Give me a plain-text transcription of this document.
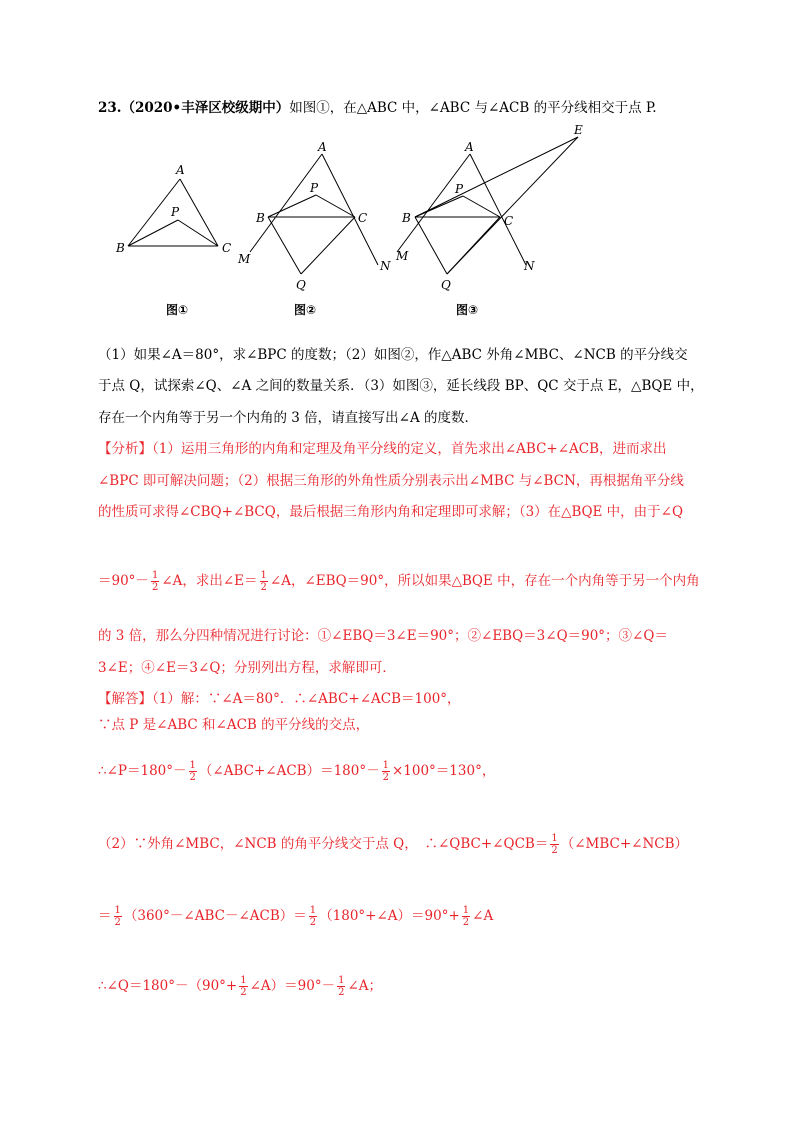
23.（2020•丰泽区校级期中）如图①，在△ABC 中，∠ABC 与∠ACB 的平分线相交于点 P.
A
P
B	C
图①
A
P
B	C
M	N
Q
图②
A
P
B	C
M
N
Q
E
图③
（1）如果∠A＝80°，求∠BPC 的度数；（2）如图②，作△ABC 外角∠MBC、∠NCB 的平分线交
于点 Q，试探索∠Q、∠A 之间的数量关系．（3）如图③，延长线段 BP、QC 交于点 E，△BQE 中，
存在一个内角等于另一个内角的 3 倍，请直接写出∠A 的度数．
【分析】（1）运用三角形的内角和定理及角平分线的定义，首先求出∠ABC+∠ACB，进而求出
∠BPC 即可解决问题；（2）根据三角形的外角性质分别表示出∠MBC 与∠BCN，再根据角平分线
的性质可求得∠CBQ+∠BCQ，最后根据三角形内角和定理即可求解；（3）在△BQE 中，由于∠Q
$=90^\circ- \frac{1}{2}$ ∠A，求出∠E＝ $\frac{1}{2}$ ∠A，∠EBQ＝90°，所以如果△BQE 中，存在一个内角等于另一个内角
的 3 倍，那么分四种情况进行讨论：①∠EBQ＝3∠E＝90°；②∠EBQ＝3∠Q＝90°；③∠Q＝
3∠E；④∠E＝3∠Q；分别列出方程，求解即可．
【解答】（1）解：∵∠A＝80°．∴∠ABC+∠ACB＝100°，
∵点 P 是∠ABC 和∠ACB 的平分线的交点，
∴∠P＝180°－ $\frac{1}{2}$ （∠ABC+∠ACB）＝180°－ $\frac{1}{2} \times 100^\circ=130^\circ$，
（2）∵外角∠MBC，∠NCB 的角平分线交于点 Q，　∴∠QBC+∠QCB＝ $\frac{1}{2}$ （∠MBC+∠NCB）
＝ $\frac{1}{2}$ （360°－∠ABC－∠ACB）＝ $\frac{1}{2}$ （180°+∠A）＝90°+ $\frac{1}{2}$ ∠A
∴∠Q＝180°－（90°+ $\frac{1}{2}$ ∠A）＝90°－ $\frac{1}{2}$ ∠A；
